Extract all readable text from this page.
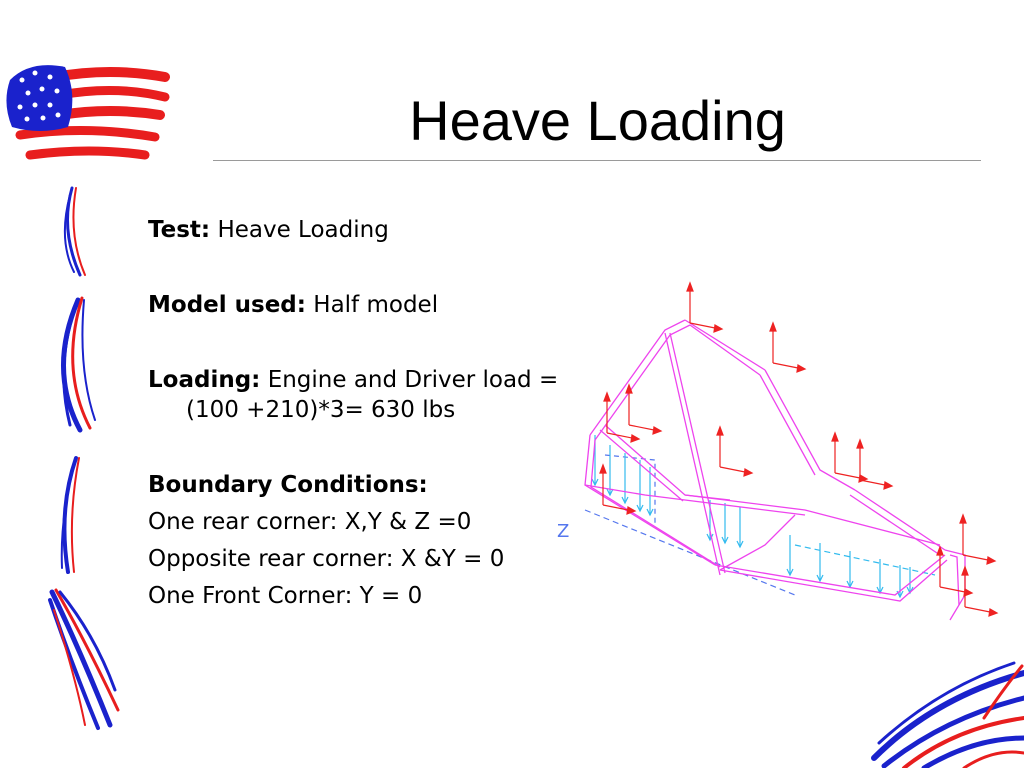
Heave Loading

Test: Heave Loading

Model used: Half model

Loading: Engine and Driver load =
(100 +210)*3= 630 lbs

Boundary Conditions:

One rear corner: X,Y & Z =0

Opposite rear corner: X &Y = 0

One Front Corner: Y = 0

Z
